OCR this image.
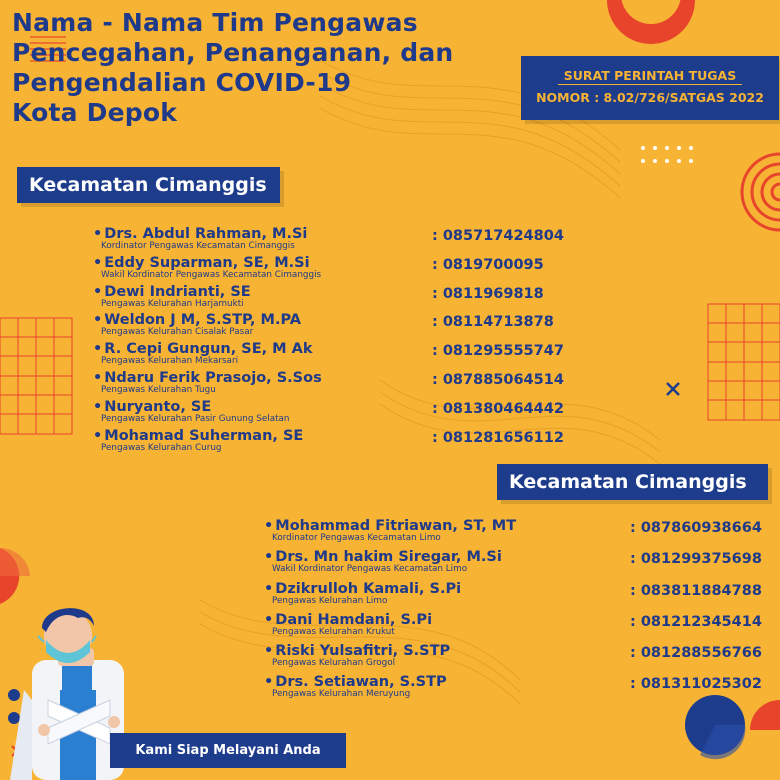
Nama - Nama Tim Pengawas
Pencegahan, Penanganan, dan
Pengendalian COVID-19
Kota Depok
SURAT PERINTAH TUGAS
NOMOR : 8.02/726/SATGAS 2022
Kecamatan Cimanggis
• Drs. Abdul Rahman, M.Si
Kordinator Pengawas Kecamatan Cimanggis
: 085717424804
• Eddy Suparman, SE, M.Si
Wakil Kordinator Pengawas Kecamatan Cimanggis
: 0819700095
• Dewi Indrianti, SE
Pengawas Kelurahan Harjamukti
: 0811969818
• Weldon J M, S.STP, M.PA
Pengawas Kelurahan Cisalak Pasar
: 08114713878
• R. Cepi Gungun, SE, M Ak
Pengawas Kelurahan Mekarsari
: 081295555747
• Ndaru Ferik Prasojo, S.Sos
Pengawas Kelurahan Tugu
: 087885064514
• Nuryanto, SE
Pengawas Kelurahan Pasir Gunung Selatan
: 081380464442
• Mohamad Suherman, SE
Pengawas Kelurahan Curug
: 081281656112
Kecamatan Cimanggis
• Mohammad Fitriawan, ST, MT
Kordinator Pengawas Kecamatan Limo
: 087860938664
• Drs. Mn hakim Siregar, M.Si
Wakil Kordinator Pengawas Kecamatan Limo
: 081299375698
• Dzikrulloh Kamali, S.Pi
Pengawas Kelurahan Limo
: 083811884788
• Dani Hamdani, S.Pi
Pengawas Kelurahan Krukut
: 081212345414
• Riski Yulsafitri, S.STP
Pengawas Kelurahan Grogol
: 081288556766
• Drs. Setiawan, S.STP
Pengawas Kelurahan Meruyung
: 081311025302
Kami Siap Melayani Anda
